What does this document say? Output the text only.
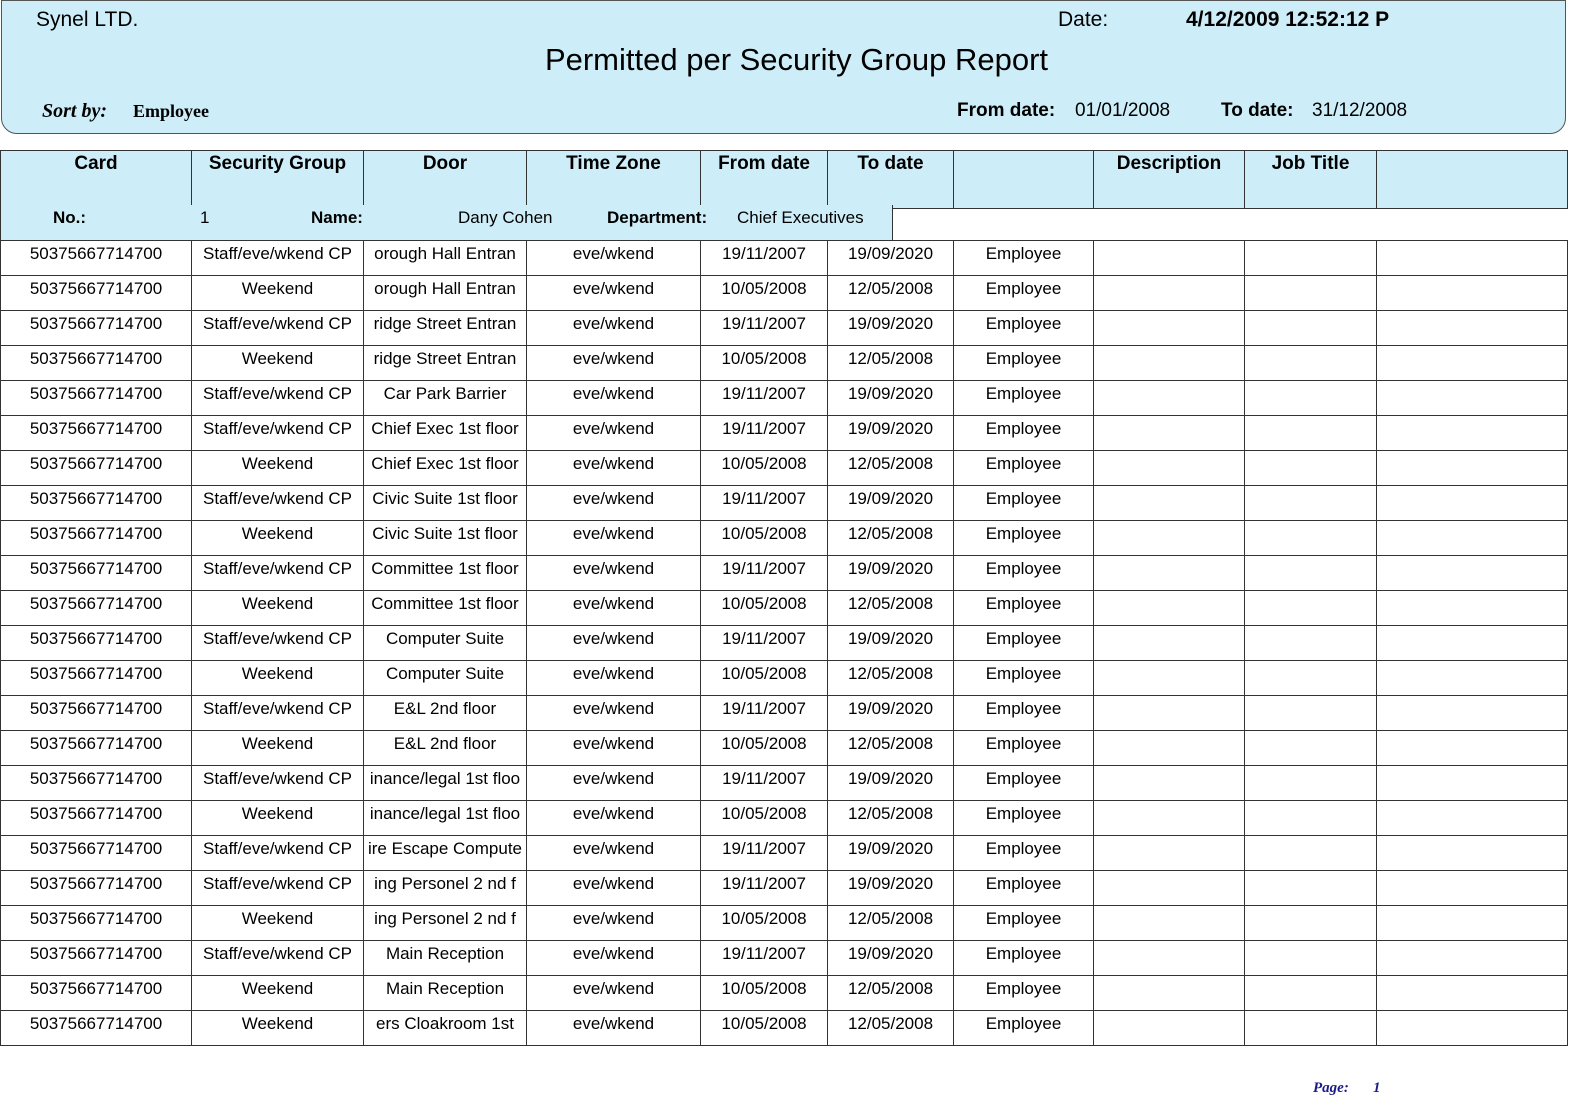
Synel LTD.	Date:	4/12/2009 12:52:12 P
Permitted per Security Group Report
Sort by: Employee	From date: 01/01/2008	To date: 31/12/2008
Card	Security Group	Door	Time Zone	From date	To date		Description	Job Title	
No.:	1	Name:	Dany Cohen	Department: Chief Executives
50375667714700	Staff/eve/wkend CP	orough Hall Entran	eve/wkend	19/11/2007	19/09/2020	Employee			
50375667714700	Weekend	orough Hall Entran	eve/wkend	10/05/2008	12/05/2008	Employee			
50375667714700	Staff/eve/wkend CP	ridge Street Entran	eve/wkend	19/11/2007	19/09/2020	Employee			
50375667714700	Weekend	ridge Street Entran	eve/wkend	10/05/2008	12/05/2008	Employee			
50375667714700	Staff/eve/wkend CP	Car Park Barrier	eve/wkend	19/11/2007	19/09/2020	Employee			
50375667714700	Staff/eve/wkend CP	Chief Exec 1st floor	eve/wkend	19/11/2007	19/09/2020	Employee			
50375667714700	Weekend	Chief Exec 1st floor	eve/wkend	10/05/2008	12/05/2008	Employee			
50375667714700	Staff/eve/wkend CP	Civic Suite 1st floor	eve/wkend	19/11/2007	19/09/2020	Employee			
50375667714700	Weekend	Civic Suite 1st floor	eve/wkend	10/05/2008	12/05/2008	Employee			
50375667714700	Staff/eve/wkend CP	Committee 1st floor	eve/wkend	19/11/2007	19/09/2020	Employee			
50375667714700	Weekend	Committee 1st floor	eve/wkend	10/05/2008	12/05/2008	Employee			
50375667714700	Staff/eve/wkend CP	Computer Suite	eve/wkend	19/11/2007	19/09/2020	Employee			
50375667714700	Weekend	Computer Suite	eve/wkend	10/05/2008	12/05/2008	Employee			
50375667714700	Staff/eve/wkend CP	E&L 2nd floor	eve/wkend	19/11/2007	19/09/2020	Employee			
50375667714700	Weekend	E&L 2nd floor	eve/wkend	10/05/2008	12/05/2008	Employee			
50375667714700	Staff/eve/wkend CP	inance/legal 1st floo	eve/wkend	19/11/2007	19/09/2020	Employee			
50375667714700	Weekend	inance/legal 1st floo	eve/wkend	10/05/2008	12/05/2008	Employee			
50375667714700	Staff/eve/wkend CP	ire Escape Compute	eve/wkend	19/11/2007	19/09/2020	Employee			
50375667714700	Staff/eve/wkend CP	ing Personel 2 nd f	eve/wkend	19/11/2007	19/09/2020	Employee			
50375667714700	Weekend	ing Personel 2 nd f	eve/wkend	10/05/2008	12/05/2008	Employee			
50375667714700	Staff/eve/wkend CP	Main Reception	eve/wkend	19/11/2007	19/09/2020	Employee			
50375667714700	Weekend	Main Reception	eve/wkend	10/05/2008	12/05/2008	Employee			
50375667714700	Weekend	ers Cloakroom 1st	eve/wkend	10/05/2008	12/05/2008	Employee			
Page: 1
